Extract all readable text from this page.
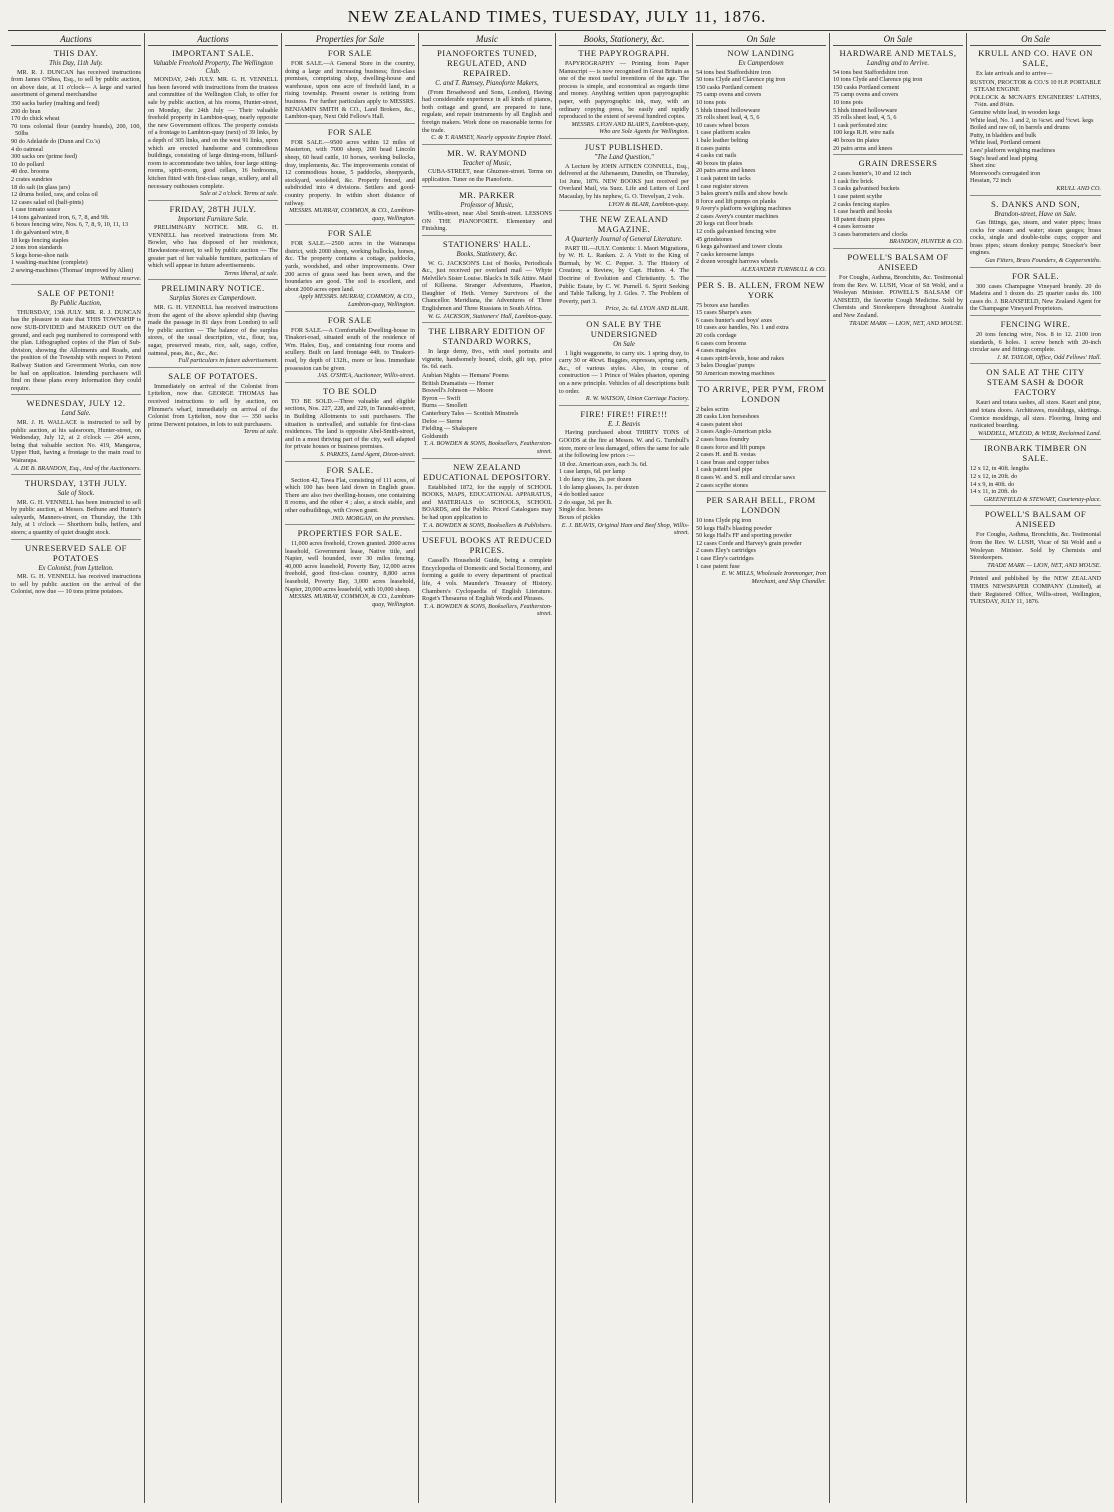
NEW ZEALAND TIMES, TUESDAY, JULY 11, 1876.
Auctions
THIS DAY.
This Day, 11th July.

MR. R. J. DUNCAN has received instructions from James O'Shea, Esq., to sell by public auction, on above date, at 11 o'clock— A large and varied assortment of general merchandise

350 sacks barley (malting and feed)
200 do bran
170 do chick wheat
70 tons colonial flour (sundry brands), 200, 100, 50lbs
90 do Adelaide do (Dunn and Co.'s)
4 do oatmeal
300 sacks ore (prime feed)
10 do pollard
40 doz. brooms
2 crates sundries
18 do salt (in glass jars)
12 drums boiled, raw, and colza oil
12 cases salad oil (half-pints)
1 case tomato sauce
14 tons galvanized iron, 6, 7, 8, and 9ft.
6 boxes fencing wire, Nos. 6, 7, 8, 9, 10, 11, 13
1 do galvanised wire, 8
18 kegs fencing staples
2 tons iron standards
5 kegs horse-shoe nails
1 washing-machine (complete)
2 sewing-machines (Thomas' improved by Allen)
Without reserve.
SALE OF PETONI!
By Public Auction,

THURSDAY, 13th JULY. MR. R. J. DUNCAN has the pleasure to state that THIS TOWNSHIP is now SUB-DIVIDED and MARKED OUT on the ground, and each peg numbered to correspond with the plan. Lithographed copies of the Plan of Sub-division, showing the Allotments and Roads, and the position of the Township with respect to Petoni Railway Station and Government Works, can now be had on application. Intending purchasers will find on these plans every information they could require.

WEDNESDAY, JULY 12.
Land Sale.

MR. J. H. WALLACE is instructed to sell by public auction, at his salesroom, Hunter-street, on Wednesday, July 12, at 2 o'clock — 264 acres, being that valuable section No. 419, Mangaroa, Upper Hutt, having a frontage to the main road to Wairarapa.

A. DE B. BRANDON, Esq., And of the Auctioneers.
THURSDAY, 13TH JULY.
Sale of Stock.

MR. G. H. VENNELL has been instructed to sell by public auction, at Messrs. Bethune and Hunter's saleyards, Manners-street, on Thursday, the 13th July, at 1 o'clock — Shorthorn bulls, heifers, and steers; a quantity of quiet draught stock.

UNRESERVED SALE OF POTATOES
Ex Colonist, from Lyttelton.

MR. G. H. VENNELL has received instructions to sell by public auction on the arrival of the Colonist, now due — 10 tons prime potatoes.

Auctions
IMPORTANT SALE.
Valuable Freehold Property, The Wellington Club.

MONDAY, 24th JULY. MR. G. H. VENNELL has been favored with instructions from the trustees and committee of the Wellington Club, to offer for sale by public auction, at his rooms, Hunter-street, on Monday, the 24th July — Their valuable freehold property in Lambton-quay, nearly opposite the new Government offices. The property consists of a frontage to Lambton-quay (next) of 39 links, by a depth of 305 links, and on the west 91 links, upon which are erected handsome and commodious buildings, consisting of large dining-room, billiard-room to accommodate two tables, four large sitting-rooms, spirit-room, good cellars, 16 bedrooms, kitchen fitted with first-class range, scullery, and all necessary outhouses complete.

Sale at 2 o'clock. Terms at sale.
FRIDAY, 28TH JULY.
Important Furniture Sale.

PRELIMINARY NOTICE. MR. G. H. VENNELL has received instructions from Mr. Bowler, who has disposed of her residence, Hawkestone-street, to sell by public auction — The greater part of her valuable furniture, particulars of which will appear in future advertisements.

Terms liberal, at sale.
PRELIMINARY NOTICE.
Surplus Stores ex Camperdown.

MR. G. H. VENNELL has received instructions from the agent of the above splendid ship (having made the passage in 81 days from London) to sell by public auction — The balance of the surplus stores, of the usual description, viz., flour, tea, sugar, preserved meats, rice, salt, sago, coffee, oatmeal, peas, &c., &c., &c.

Full particulars in future advertisement.
SALE OF POTATOES.

Immediately on arrival of the Colonist from Lyttelton, now due. GEORGE THOMAS has received instructions to sell by auction, on Plimmer's wharf, immediately on arrival of the Colonist from Lyttelton, now due — 350 sacks prime Derwent potatoes, in lots to suit purchasers.

Terms at sale.
Properties for Sale
FOR SALE

FOR SALE.—A General Store in the country, doing a large and increasing business; first-class premises, comprising shop, dwelling-house and warehouse, upon one acre of freehold land, in a rising township. Present owner is retiring from business. For further particulars apply to MESSRS. BENJAMIN SMITH & CO., Land Brokers, &c., Lambton-quay, Next Odd Fellow's Hall.

FOR SALE

FOR SALE.—9500 acres within 12 miles of Masterton, with 7000 sheep, 200 head Lincoln sheep, 60 head cattle, 10 horses, working bullocks, dray, implements, &c. The improvements consist of 12 commodious house, 5 paddocks, sheepyards, stockyard, woolshed, &c. Property fenced, and subdivided into 4 divisions. Settlers and good-country property. In within short distance of railway.

MESSRS. MURRAY, COMMON, & CO., Lambton-quay, Wellington.
FOR SALE

FOR SALE.—2500 acres in the Wairarapa district, with 2000 sheep, working bullocks, horses, &c. The property contains a cottage, paddocks, yards, woodshed, and other improvements. Over 200 acres of grass seed has been sown, and the boundaries are good. The soil is excellent, and about 2000 acres open land.

Apply MESSRS. MURRAY, COMMON, & CO., Lambton-quay, Wellington.
FOR SALE

FOR SALE.—A Comfortable Dwelling-house in Tinakori-road, situated south of the residence of Wm. Hales, Esq., and containing four rooms and scullery. Built on land frontage 44ft. to Tinakori-road, by depth of 132ft., more or less. Immediate possession can be given.

JAS. O'SHEA, Auctioneer, Willis-street.
TO BE SOLD

TO BE SOLD.—Three valuable and eligible sections, Nos. 227, 228, and 229, in Taranaki-street, in Building Allotments to suit purchasers. The situation is unrivalled, and suitable for first-class residences. The land is opposite Abel-Smith-street, and in a most thriving part of the city, well adapted for private houses or business premises.

S. PARKES, Land Agent, Dixon-street.
FOR SALE.

Section 42, Tawa Flat, consisting of 111 acres, of which 100 has been laid down in English grass. There are also two dwelling-houses, one containing 8 rooms, and the other 4 ; also, a stock stable, and other outbuildings, with Crown grant.

JNO. MORGAN, on the premises.
PROPERTIES FOR SALE.

11,000 acres freehold, Crown granted. 2000 acres leasehold, Government lease, Native title, and Napier, well bounded, over 30 miles fencing. 40,000 acres leasehold, Poverty Bay, 12,000 acres freehold, good first-class country, 8,800 acres leasehold, Poverty Bay, 3,000 acres leasehold, Napier, 20,000 acres leasehold, with 10,000 sheep.

MESSRS. MURRAY, COMMON, & CO., Lambton-quay, Wellington.
Music
PIANOFORTES TUNED, REGULATED, AND REPAIRED.
C. and T. Ramsey, Pianoforte Makers,

(From Broadwood and Sons, London), Having had considerable experience in all kinds of pianos, both cottage and grand, are prepared to tune, regulate, and repair instruments by all English and foreign makers. Work done on reasonable terms for the trade.

C. & T. RAMSEY, Nearly opposite Empire Hotel.
MR. W. RAYMOND
Teacher of Music,

CUBA-STREET, near Ghuznee-street. Terms on application. Tuner on the Pianoforte.

MR. PARKER
Professor of Music,

Willis-street, near Abel Smith-street. LESSONS ON THE PIANOFORTE. Elementary and Finishing.

STATIONERS' HALL.
Books, Stationery, &c.

W. G. JACKSON'S List of Books, Periodicals &c., just received per overland mail — Whyte Melville's Sister Louise. Black's In Silk Attire. Maid of Killeena. Stranger Adventures, Phaeton, Daughter of Heth. Verney Survivors of the Chancellor. Meridiana, the Adventures of Three Englishmen and Three Russians in South Africa.

W. G. JACKSON, Stationers' Hall, Lambton-quay.
THE LIBRARY EDITION OF STANDARD WORKS,

In large demy, 8vo., with steel portraits and vignette, handsomely bound, cloth, gilt top, price 6s. 6d. each.

Arabian Nights — Hemans' Poems
British Dramatists — Homer
Boswell's Johnson — Moore
Byron — Swift
Burns — Smollett
Canterbury Tales — Scottish Minstrels
Defoe — Sterne
Fielding — Shakspere
Goldsmith
T. A. BOWDEN & SONS, Booksellers, Featherston-street.
NEW ZEALAND EDUCATIONAL DEPOSITORY.

Established 1872, for the supply of SCHOOL BOOKS, MAPS, EDUCATIONAL APPARATUS, and MATERIALS to SCHOOLS, SCHOOL BOARDS, and the Public. Priced Catalogues may be had upon application to

T. A. BOWDEN & SONS, Booksellers & Publishers.
USEFUL BOOKS AT REDUCED PRICES.

Cassell's Household Guide, being a complete Encyclopedia of Domestic and Social Economy, and forming a guide to every department of practical life, 4 vols. Maunder's Treasury of History. Chambers's Cyclopaedia of English Literature. Roget's Thesaurus of English Words and Phrases.

T. A. BOWDEN & SONS, Booksellers, Featherston-street.
Books, Stationery, &c.
THE PAPYROGRAPH.

PAPYROGRAPHY — Printing from Paper Manuscript — is now recognised in Great Britain as one of the most useful inventions of the age. The process is simple, and economical as regards time and money. Anything written upon papyrographic paper, with papyrographic ink, may, with an ordinary copying press, be easily and rapidly reproduced to the extent of several hundred copies.

MESSRS. LYON AND BLAIR'S, Lambton-quay, Who are Sole Agents for Wellington.
JUST PUBLISHED.
"The Land Question,"

A Lecture by JOHN AITKEN CONNELL, Esq., delivered at the Athenaeum, Dunedin, on Thursday, 1st June, 1876. NEW BOOKS just received per Overland Mail, via Suez. Life and Letters of Lord Macaulay, by his nephew, G. O. Trevelyan, 2 vols.

LYON & BLAIR, Lambton-quay.
THE NEW ZEALAND MAGAZINE.
A Quarterly Journal of General Literature.

PART III.—JULY. Contents: 1. Maori Migrations, by W. H. L. Ranken. 2. A Visit to the King of Burmah, by W. C. Pepper. 3. The History of Creation; a Review, by Capt. Hutton. 4. The Doctrine of Evolution and Christianity. 5. The Public Estate, by C. W. Purnell. 6. Spirit Seeking and Table Talking, by J. Giles. 7. The Problem of Poverty, part 3.

Price, 2s. 6d. LYON AND BLAIR.
ON SALE BY THE UNDERSIGNED
On Sale

1 light waggonette, to carry six. 1 spring dray, to carry 30 or 40cwt. Buggies, expresses, spring carts, &c., of various styles. Also, in course of construction — 1 Prince of Wales phaeton, opening on a new principle. Vehicles of all descriptions built to order.

R. W. WATSON, Union Carriage Factory.
FIRE! FIRE!! FIRE!!!
E. J. Beavis

Having purchased about THIRTY TONS of GOODS at the fire at Messrs. W. and G. Turnbull's store, more or less damaged, offers the same for sale at the following low prices :—

18 doz. American axes, each 3s. 6d.
1 case lamps, 6d. per lamp
1 do fancy tins, 2s. per dozen
1 do lamp glasses, 1s. per dozen
4 do bottled sauce
2 do sugar, 3d. per lb.
Single doz. boxes
Boxes of pickles
E. J. BEAVIS, Original Ham and Beef Shop, Willis-street.
On Sale
NOW LANDING
Ex Camperdown
54 tons best Staffordshire iron
50 tons Clyde and Clarence pig iron
150 casks Portland cement
75 camp ovens and covers
10 tons pots
5 hhds tinned hollowware
35 rolls sheet lead, 4, 5, 6
10 cases wheel boxes
1 case platform scales
1 bale leather belting
8 cases paints
4 casks cut nails
40 boxes tin plates
20 pairs arms and knees
1 cask patent tin tacks
1 case register stoves
3 bales green's mills and show bowls
8 force and lift pumps on planks
9 Avery's platform weighing machines
2 cases Avery's counter machines
20 kegs cut floor brads
12 coils galvanised fencing wire
45 grindstones
6 kegs galvanised and tower clouts
7 casks kerosene lamps
2 dozen wrought harrows wheels
ALEXANDER TURNBULL & CO.
PER S. B. ALLEN, FROM NEW YORK
75 boxes axe handles
15 cases Sharpe's axes
6 cases hunter's and boys' axes
10 cases axe handles, No. 1 and extra
20 coils cordage
6 cases corn brooms
4 cases mangles
4 cases spirit-levels, hose and rakes
3 bales Douglas' pumps
50 American mowing machines
TO ARRIVE, PER PYM, FROM LONDON
2 bales scrim
28 casks Lion horseshoes
4 cases patent shot
3 cases Anglo-American picks
2 cases brass foundry
8 cases force and lift pumps
2 cases H. and B. vestas
1 case brass and copper tubes
1 cask patent lead pipe
8 cases W. and S. mill and circular saws
2 cases scythe stones
PER SARAH BELL, FROM LONDON
10 tons Clyde pig iron
50 kegs Hall's blasting powder
50 kegs Hall's FF and sporting powder
12 cases Corde and Harvey's grain powder
2 cases Eley's cartridges
1 case Eley's cartridges
1 case patent fuse
E. W. MILLS, Wholesale Ironmonger, Iron Merchant, and Ship Chandler.
On Sale
HARDWARE AND METALS,
Landing and to Arrive.
54 tons best Staffordshire iron
10 tons Clyde and Clarence pig iron
150 casks Portland cement
75 camp ovens and covers
10 tons pots
5 hhds tinned hollowware
35 rolls sheet lead, 4, 5, 6
1 cask perforated zinc
100 kegs R.H. wire nails
40 boxes tin plates
20 pairs arms and knees
GRAIN DRESSERS
2 cases hunter's, 10 and 12 inch
1 cask fire brick
3 casks galvanised buckets
1 case patent scythe
2 casks fencing staples
1 case hearth and hooks
18 patent drain pipes
4 cases kerosene
3 cases barometers and clocks
BRANDON, HUNTER & CO.
POWELL'S BALSAM OF ANISEED

For Coughs, Asthma, Bronchitis, &c. Testimonial from the Rev. W. LUSH, Vicar of Sit Wold, and a Wesleyan Minister. POWELL'S BALSAM OF ANISEED, the favorite Cough Medicine. Sold by Chemists and Storekeepers throughout Australia and New Zealand.

TRADE MARK — LION, NET, AND MOUSE.
On Sale
KRULL AND CO. HAVE ON SALE,

Ex late arrivals and to arrive—

RUSTON, PROCTOR & CO.'S 10 H.P. PORTABLE STEAM ENGINE
POLLOCK & MCNAB'S ENGINEERS' LATHES, 7¼in. and 8¼in.
Genuine white lead, in wooden kegs
White lead, No. 1 and 2, in ¼cwt. and ½cwt. kegs
Boiled and raw oil, in barrels and drums
Putty, in bladders and bulk
White lead, Portland cement
Lees' platform weighing machines
Stag's head and lead piping
Sheet zinc
Morewood's corrugated iron
Hessian, 72 inch
KRULL AND CO.
S. DANKS AND SON,
Brandon-street, Have on Sale.

Gas fittings, gas, steam, and water pipes; brass cocks for steam and water; steam gauges; brass cocks, single and double-tube cups; copper and brass pipes; steam donkey pumps; Stoecker's beer engines.

Gas Fitters, Brass Founders, & Coppersmiths.
FOR SALE.

300 cases Champagne Vineyard brandy. 20 do Madeira and 1 dozen do. 25 quarter casks do. 100 cases do. J. BRANSFIELD, New Zealand Agent for the Champagne Vineyard Proprietors.

FENCING WIRE.

20 tons fencing wire, Nos. 8 to 12. 2100 iron standards, 6 holes. 1 screw bench with 20-inch circular saw and fittings complete.

J. M. TAYLOR, Office, Odd Fellows' Hall.
ON SALE AT THE CITY STEAM SASH & DOOR FACTORY

Kauri and totara sashes, all sizes. Kauri and pine, and totara doors. Architraves, mouldings, skirtings. Cornice mouldings, all sizes. Flooring, lining and rusticated boarding.

WADDELL, M'LEOD, & WEIR, Reclaimed Land.
IRONBARK TIMBER ON SALE.
12 x 12, in 40ft. lengths
12 x 12, in 20ft. do
14 x 9, in 40ft. do
14 x 11, in 20ft. do
GREENFIELD & STEWART, Courtenay-place.
POWELL'S BALSAM OF ANISEED

For Coughs, Asthma, Bronchitis, &c. Testimonial from the Rev. W. LUSH, Vicar of Sit Wold and a Wesleyan Minister. Sold by Chemists and Storekeepers.

TRADE MARK — LION, NET, AND MOUSE.
Printed and published by the NEW ZEALAND TIMES NEWSPAPER COMPANY (Limited), at their Registered Office, Willis-street, Wellington, TUESDAY, JULY 11, 1876.
